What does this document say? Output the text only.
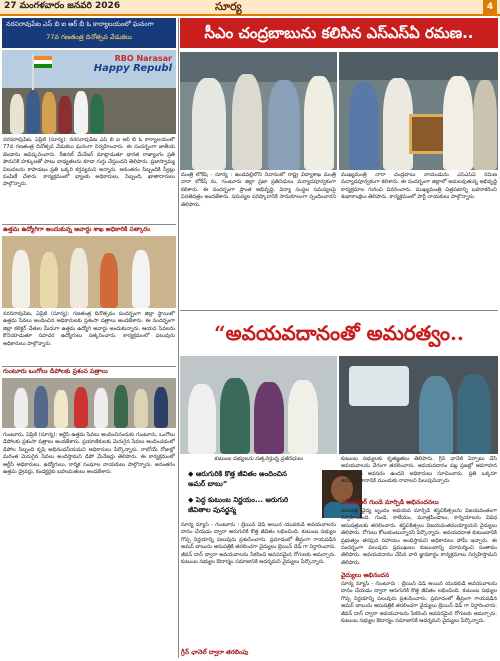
27 మంగళవారం జనవరి 2026	సూర్య	4
నరసరావుపేట ఎస్ బి ఐ ఆర్ బీ ఓ కార్యాలయంలో ఘనంగా
77వ గణతంత్ర దినోత్సవ వేడుకలు
RBO Narasar
Happy Republ
నరసరావుపేట, ఏప్రిల్ (సూర్య): నరసరావుపేట ఎస్ బి ఐ ఆర్ బి ఓ కార్యాలయంలో 77వ గణతంత్ర దినోత్సవ వేడుకలు ఘనంగా నిర్వహించారు. ఈ సందర్భంగా జాతీయ జెండాను ఆవిష్కరించారు. రీజినల్ మేనేజర్ మాట్లాడుతూ భారత రాజ్యాంగం ప్రతి పౌరునికి హక్కులతో పాటు బాధ్యతలను కూడా గుర్తు చేస్తుందని తెలిపారు. ప్రజాస్వామ్య విలువలను కాపాడటం ప్రతి ఒక్కరి కర్తవ్యమని అన్నారు. అనంతరం సిబ్బందికి స్వీట్లు పంపిణీ చేశారు. కార్యక్రమంలో బ్యాంకు అధికారులు, సిబ్బంది, ఖాతాదారులు పాల్గొన్నారు.
ఉత్తమ ఉద్యోగిగా అందుకున్న అవార్డు శాఖ అధికారికి సత్కారం
నరసరావుపేట, ఏప్రిల్ (సూర్య): గణతంత్ర దినోత్సవం సందర్భంగా జిల్లా స్థాయిలో ఉత్తమ సేవలు అందించిన అధికారులకు ప్రశంసా పత్రాలు అందజేశారు. ఈ సందర్భంగా జిల్లా కలెక్టర్ చేతుల మీదుగా ఉత్తమ ఉద్యోగి అవార్డు అందుకున్నారు. ఆయన సేవలను కొనియాడుతూ సహచర ఉద్యోగులు సత్కరించారు. కార్యక్రమంలో పలువురు అధికారులు పాల్గొన్నారు.
గుంటూరు ఒంగోలు డిపోలకు ప్రశంస పత్రాలు
గుంటూరు, ఏప్రిల్ (సూర్య): ఆర్టీసీ ఉత్తమ సేవలు అందించినందుకు గుంటూరు, ఒంగోలు డిపోలకు ప్రశంసా పత్రాలు అందజేశారు. ప్రయాణికులకు మెరుగైన సేవలు అందించడంలో డిపోల సిబ్బంది కృషి అభినందనీయమని అధికారులు పేర్కొన్నారు. రాబోయే రోజుల్లో మరింత మెరుగైన సేవలు అందిస్తామని డిపో మేనేజర్లు తెలిపారు. ఈ కార్యక్రమంలో ఆర్టీసీ అధికారులు, ఉద్యోగులు, కార్మిక సంఘాల నాయకులు పాల్గొన్నారు. అనంతరం ఉత్తమ డ్రైవర్లు, కండక్టర్లకు బహుమతులు అందజేశారు.
సీఎం చంద్రబాబును కలిసిన ఎస్ఎస్ఏ రమణ..
మంత్రి లోకేష్ - సూర్య : ఉండవల్లిలోని నివాసంలో రాష్ట్ర విద్యాశాఖ మంత్రి నారా లోకేష్ ను, గుంటూరు జిల్లా ప్రజా ప్రతినిధులు మర్యాదపూర్వకంగా కలిశారు. ఈ సందర్భంగా ప్రాంత అభివృద్ధి, విద్యా సంస్థల సమస్యలపై వినతిపత్రం అందజేశారు. సమస్యల పరిష్కారానికి సానుకూలంగా స్పందించారని తెలిపారు.
ముఖ్యమంత్రి నారా చంద్రబాబు నాయుడును ఎస్ఎస్ఏ రమణ మర్యాదపూర్వకంగా కలిశారు. ఈ సందర్భంగా జిల్లాలో అమలవుతున్న అభివృద్ధి కార్యక్రమాల గురించి వివరించారు. ముఖ్యమంత్రి చిత్రపటాన్ని బహూకరించి శుభాకాంక్షలు తెలిపారు. కార్యక్రమంలో పార్టీ నాయకులు పాల్గొన్నారు.
“అవయవదానంతో అమరత్వం..
కుటుంబ సభ్యులను సత్కరిస్తున్న ప్రతినిధులు
◆ ఆరుగురికి కొత్త జీవితం అందించిన
అమర్ బాబు”
◆ పెద్ద కుటుంబ నిర్ణయం... ఆరుగురి
జీవితాల పునర్జన్మ
సూర్య న్యూస్ - గుంటూరు : బ్రెయిన్ డెడ్ అయిన యువకుడి అవయవాలను దానం చేయడం ద్వారా ఆరుగురికి కొత్త జీవితం లభించింది. కుటుంబ సభ్యుల గొప్ప నిర్ణయాన్ని పలువురు ప్రశంసించారు. ప్రమాదంలో తీవ్రంగా గాయపడిన అమర్ బాబును ఆసుపత్రికి తరలించగా వైద్యులు బ్రెయిన్ డెడ్ గా నిర్ధారించారు. జీవన్ దాన్ ద్వారా అవయవాలను సేకరించి అవసరమైన రోగులకు అమర్చారు. కుటుంబ సభ్యుల ఔదార్యం సమాజానికి ఆదర్శమని వైద్యులు పేర్కొన్నారు.
కుటుంబ సభ్యులకు కృతజ్ఞతలు తెలిపారు. గ్రీన్ ఛానెల్ ఏర్పాటు చేసి అవయవాలను వేగంగా తరలించారు. అవయవదానం పట్ల ప్రజల్లో అవగాహన పెంచాల్సిన అవసరం ఉందని అధికారులు సూచించారు. ప్రతి ఒక్కరూ అవయవదానానికి ముందుకు రావాలని పిలుపునిచ్చారు.
ఎస్ఎస్ఆర్ గుండె మార్పిడి అభినందనలు
ఆసుపత్రి వైద్య బృందం అవయవ మార్పిడి శస్త్రచికిత్సలను విజయవంతంగా నిర్వహించింది. గుండె, కాలేయం, మూత్రపిండాలు, కార్నియాలను వివిధ ఆసుపత్రులకు తరలించారు. శస్త్రచికిత్సలు విజయవంతమయ్యాయని వైద్యులు తెలిపారు. రోగులు కోలుకుంటున్నారని పేర్కొన్నారు. అవయవదాత కుటుంబానికి ప్రభుత్వం తరఫున సహాయం అందిస్తామని అధికారులు హామీ ఇచ్చారు. ఈ సందర్భంగా పలువురు ప్రముఖులు కుటుంబాన్ని పరామర్శించి సంతాపం తెలిపారు. అవయవదానం చేసిన వారి జ్ఞాపకార్థం కార్యక్రమాలు నిర్వహిస్తామని తెలిపారు.
వైద్యులు అభినందన
సూర్య న్యూస్ - గుంటూరు : బ్రెయిన్ డెడ్ అయిన యువకుడి అవయవాలను దానం చేయడం ద్వారా ఆరుగురికి కొత్త జీవితం లభించింది. కుటుంబ సభ్యుల గొప్ప నిర్ణయాన్ని పలువురు ప్రశంసించారు. ప్రమాదంలో తీవ్రంగా గాయపడిన అమర్ బాబును ఆసుపత్రికి తరలించగా వైద్యులు బ్రెయిన్ డెడ్ గా నిర్ధారించారు. జీవన్ దాన్ ద్వారా అవయవాలను సేకరించి అవసరమైన రోగులకు అమర్చారు. కుటుంబ సభ్యుల ఔదార్యం సమాజానికి ఆదర్శమని వైద్యులు పేర్కొన్నారు.
గ్రీన్ ఛానెల్ ద్వారా తరలింపు
